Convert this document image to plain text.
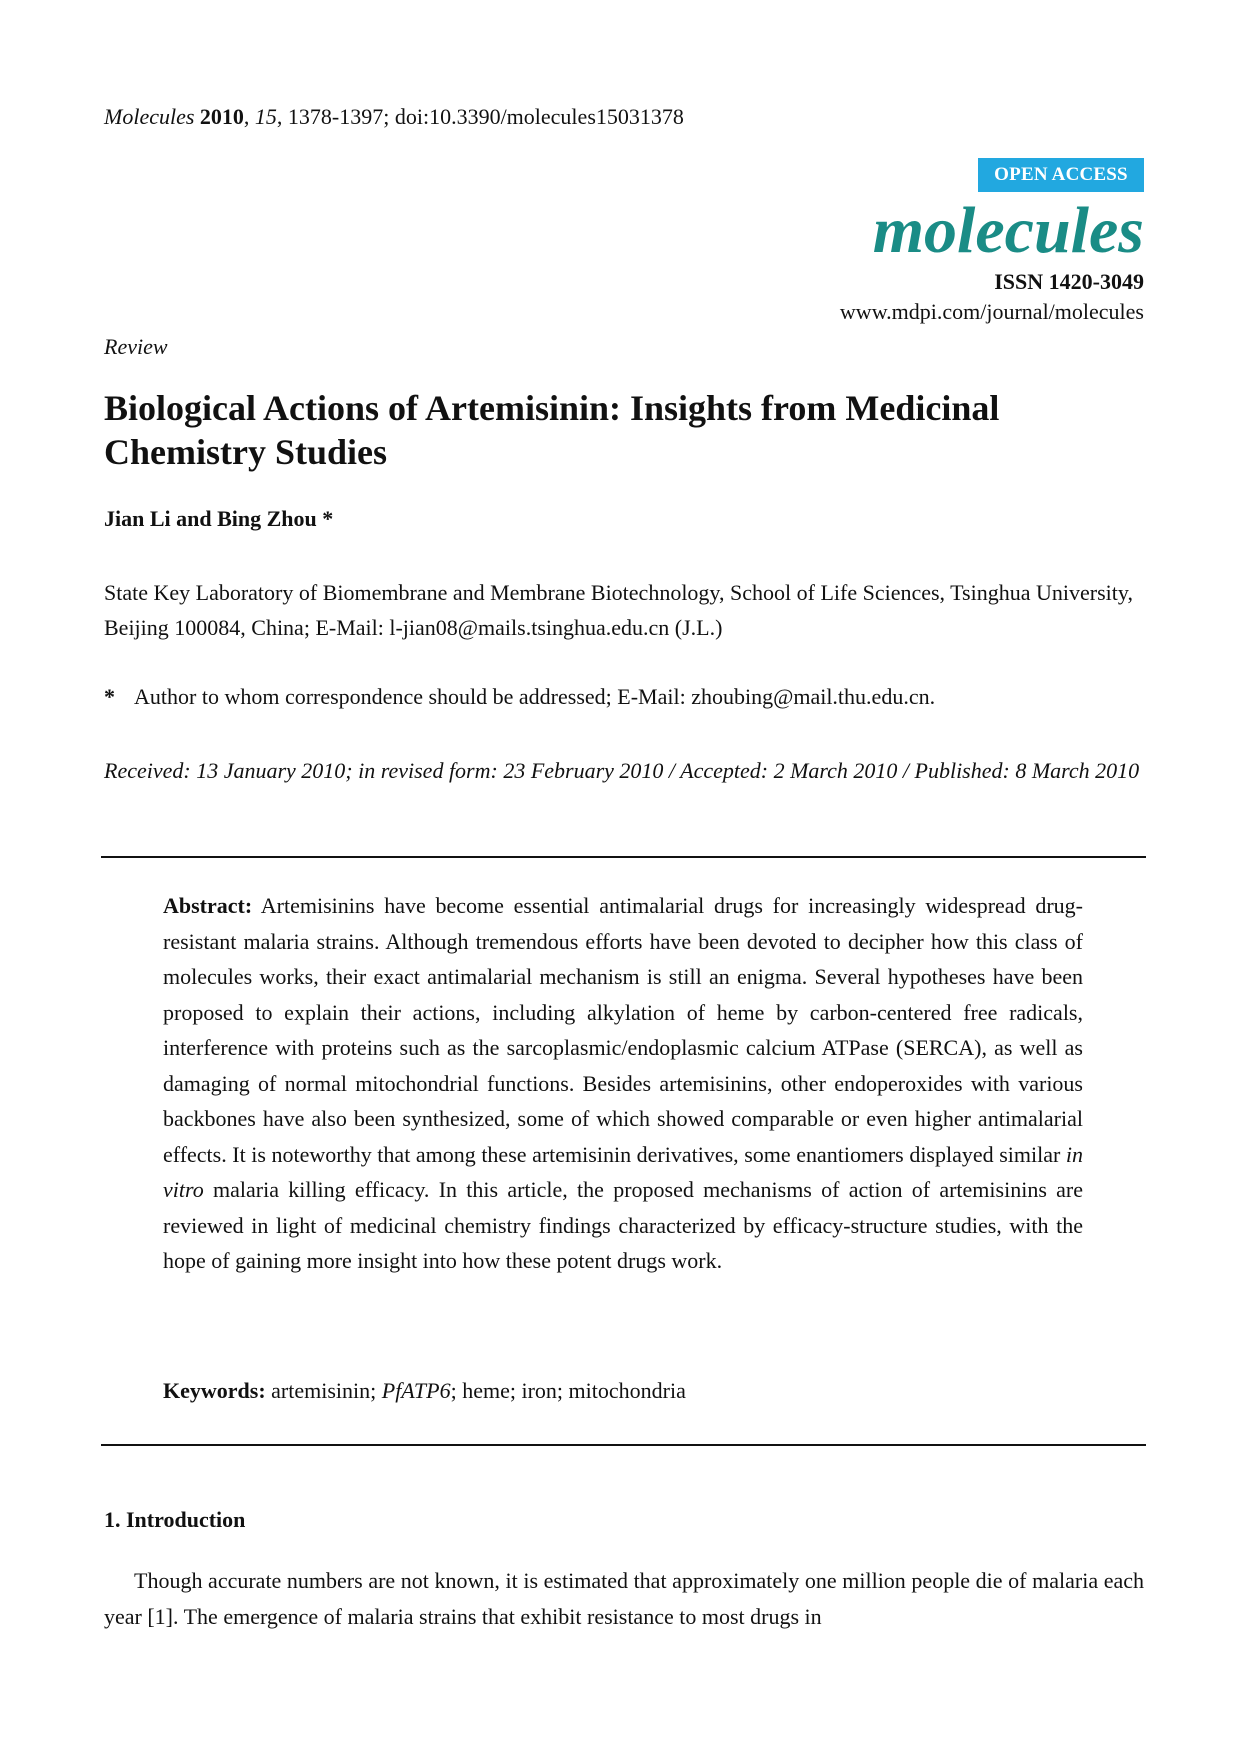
Molecules 2010, 15, 1378-1397; doi:10.3390/molecules15031378
OPEN ACCESS
molecules
ISSN 1420-3049
www.mdpi.com/journal/molecules
Review
Biological Actions of Artemisinin: Insights from Medicinal Chemistry Studies
Jian Li and Bing Zhou *
State Key Laboratory of Biomembrane and Membrane Biotechnology, School of Life Sciences, Tsinghua University, Beijing 100084, China; E-Mail: l-jian08@mails.tsinghua.edu.cn (J.L.)
* Author to whom correspondence should be addressed; E-Mail: zhoubing@mail.thu.edu.cn.
Received: 13 January 2010; in revised form: 23 February 2010 / Accepted: 2 March 2010 / Published: 8 March 2010
Abstract: Artemisinins have become essential antimalarial drugs for increasingly widespread drug-resistant malaria strains. Although tremendous efforts have been devoted to decipher how this class of molecules works, their exact antimalarial mechanism is still an enigma. Several hypotheses have been proposed to explain their actions, including alkylation of heme by carbon-centered free radicals, interference with proteins such as the sarcoplasmic/endoplasmic calcium ATPase (SERCA), as well as damaging of normal mitochondrial functions. Besides artemisinins, other endoperoxides with various backbones have also been synthesized, some of which showed comparable or even higher antimalarial effects. It is noteworthy that among these artemisinin derivatives, some enantiomers displayed similar in vitro malaria killing efficacy. In this article, the proposed mechanisms of action of artemisinins are reviewed in light of medicinal chemistry findings characterized by efficacy-structure studies, with the hope of gaining more insight into how these potent drugs work.
Keywords: artemisinin; PfATP6; heme; iron; mitochondria
1. Introduction
Though accurate numbers are not known, it is estimated that approximately one million people die of malaria each year [1]. The emergence of malaria strains that exhibit resistance to most drugs in
